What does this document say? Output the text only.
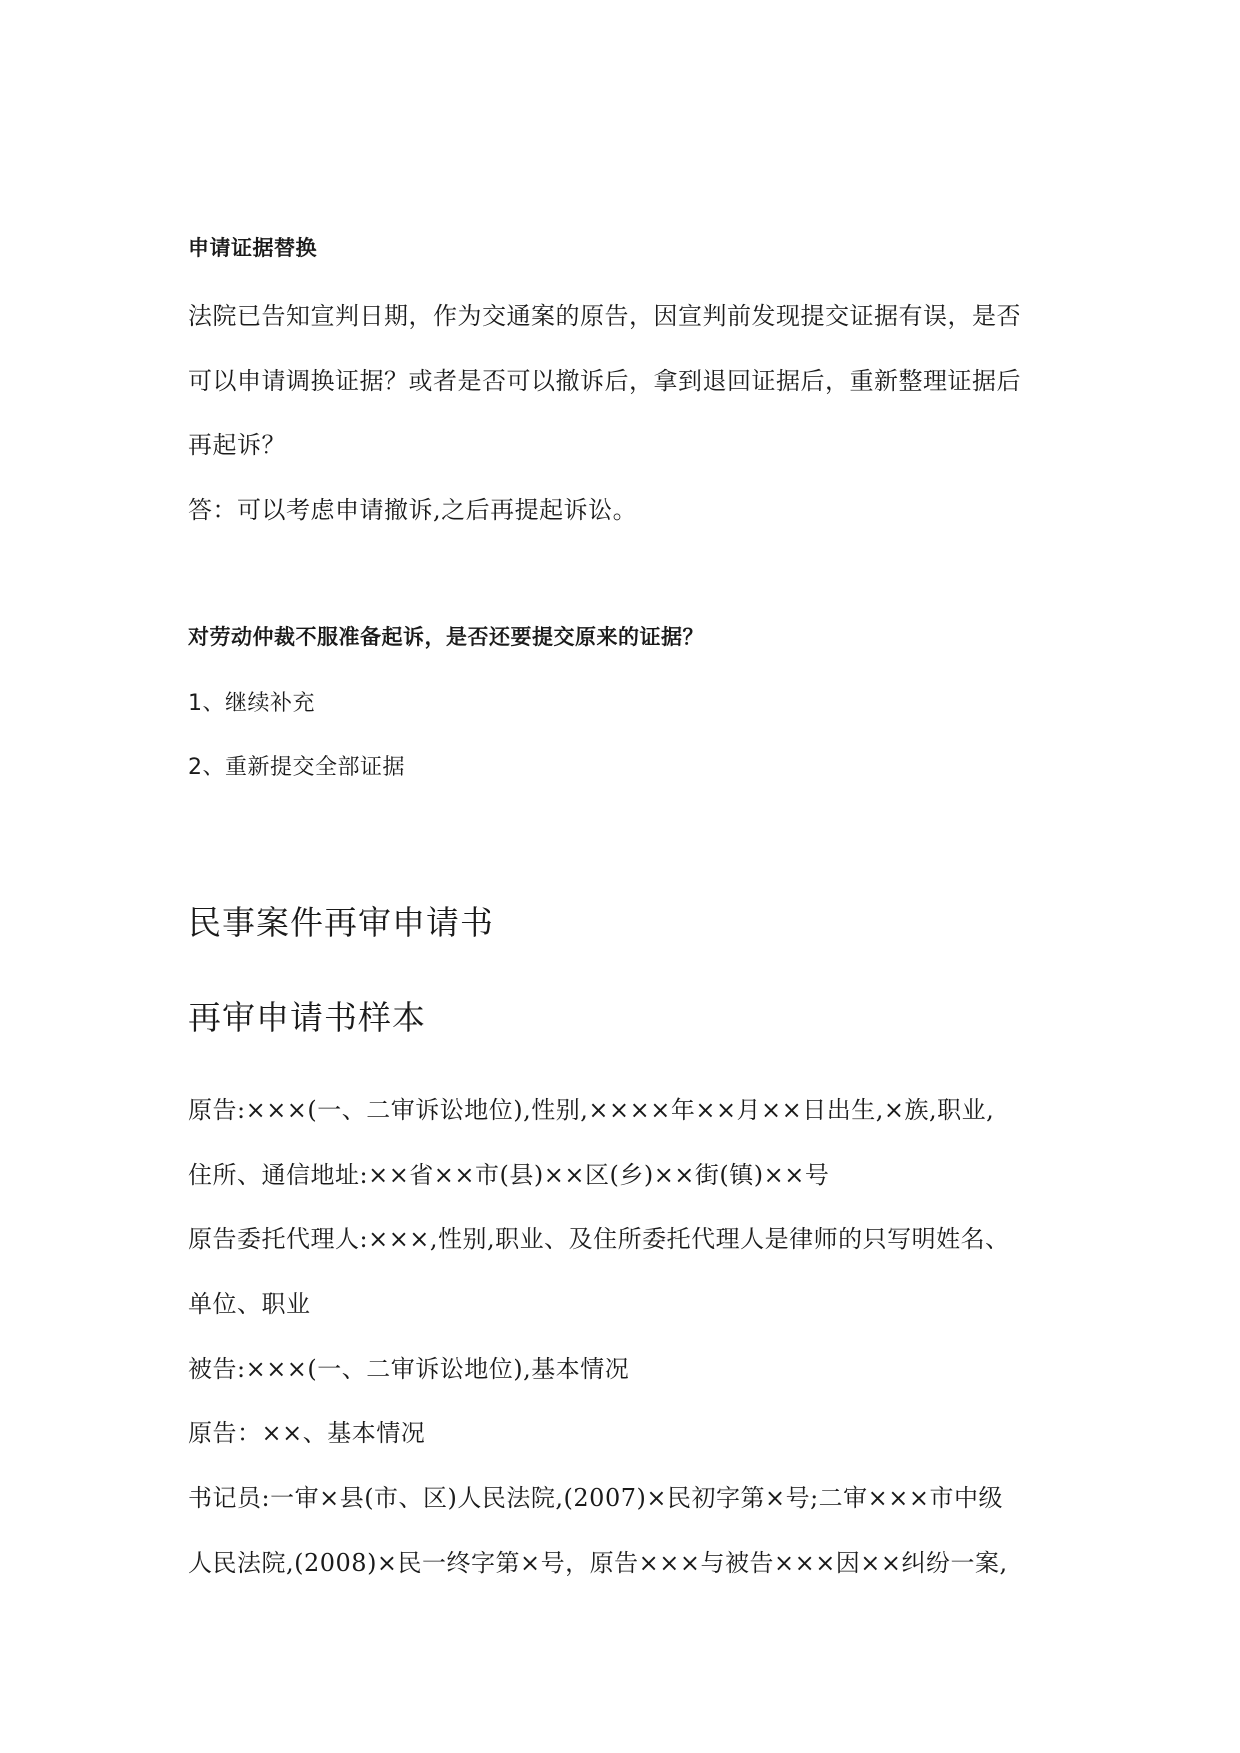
申请证据替换
法院已告知宣判日期，作为交通案的原告，因宣判前发现提交证据有误，是否
可以申请调换证据？或者是否可以撤诉后，拿到退回证据后，重新整理证据后
再起诉？
答：可以考虑申请撤诉,之后再提起诉讼。
对劳动仲裁不服准备起诉，是否还要提交原来的证据？
1、继续补充
2、重新提交全部证据
民事案件再审申请书
再审申请书样本
原告:×××(一、二审诉讼地位),性别,××××年××月××日出生,×族,职业,
住所、通信地址:××省××市(县)××区(乡)××街(镇)××号
原告委托代理人:×××,性别,职业、及住所委托代理人是律师的只写明姓名、
单位、职业
被告:×××(一、二审诉讼地位),基本情况
原告：××、基本情况
书记员:一审×县(市、区)人民法院,(2007)×民初字第×号;二审×××市中级
人民法院,(2008)×民一终字第×号，原告×××与被告×××因××纠纷一案,
